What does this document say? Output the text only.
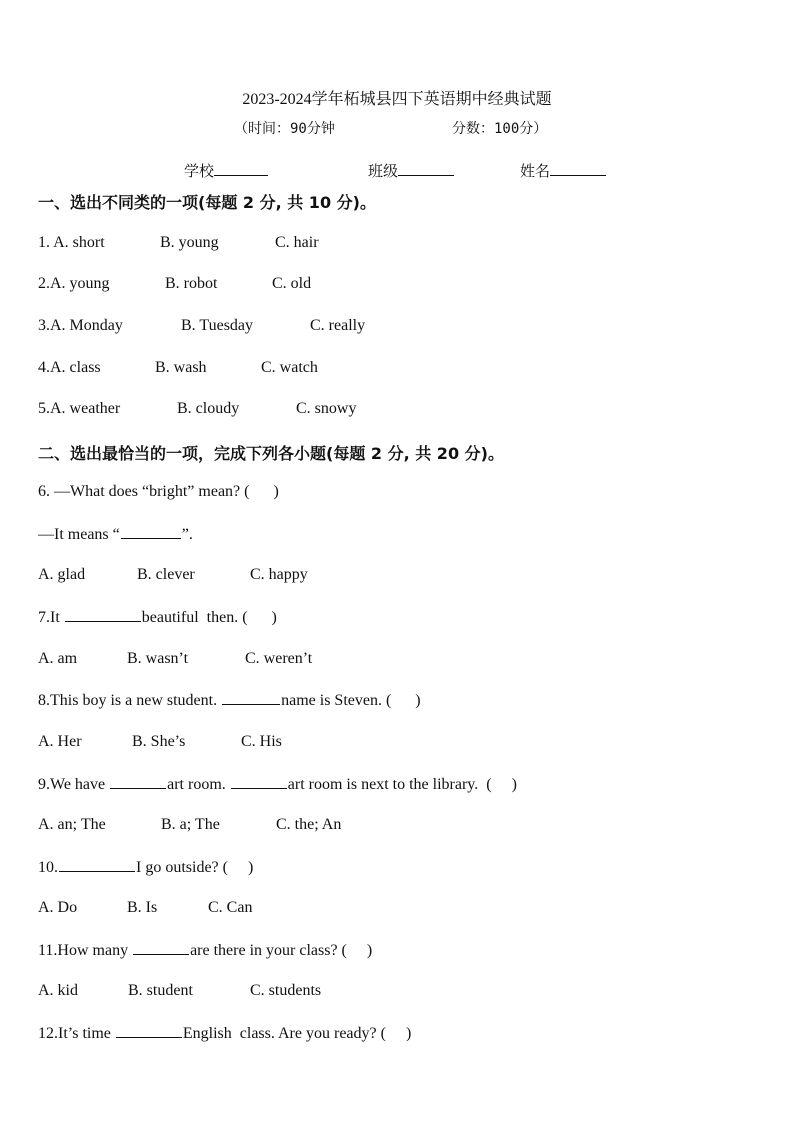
2023-2024学年柘城县四下英语期中经典试题
（时间：90分钟	分数：100分）
学校	班级	姓名
一、选出不同类的一项(每题 2 分, 共 10 分)。
1. A. short	B. young	C. hair
2.A. young	B. robot	C. old
3.A. Monday	B. Tuesday	C. really
4.A. class	B. wash	C. watch
5.A. weather	B. cloudy	C. snowy
二、选出最恰当的一项，完成下列各小题(每题 2 分, 共 20 分)。
6. —What does “bright” mean? (      )
—It means “	”.
A. glad	B. clever	C. happy
7.It	beautiful  then. (      )
A. am	B. wasn’t	C. weren’t
8.This boy is a new student.	name is Steven. (      )
A. Her	B. She’s	C. His
9.We have	art room.	art room is next to the library.  (     )
A. an; The	B. a; The	C. the; An
10.	I go outside? (     )
A. Do	B. Is	C. Can
11.How many	are there in your class? (     )
A. kid	B. student	C. students
12.It’s time	English  class. Are you ready? (     )
